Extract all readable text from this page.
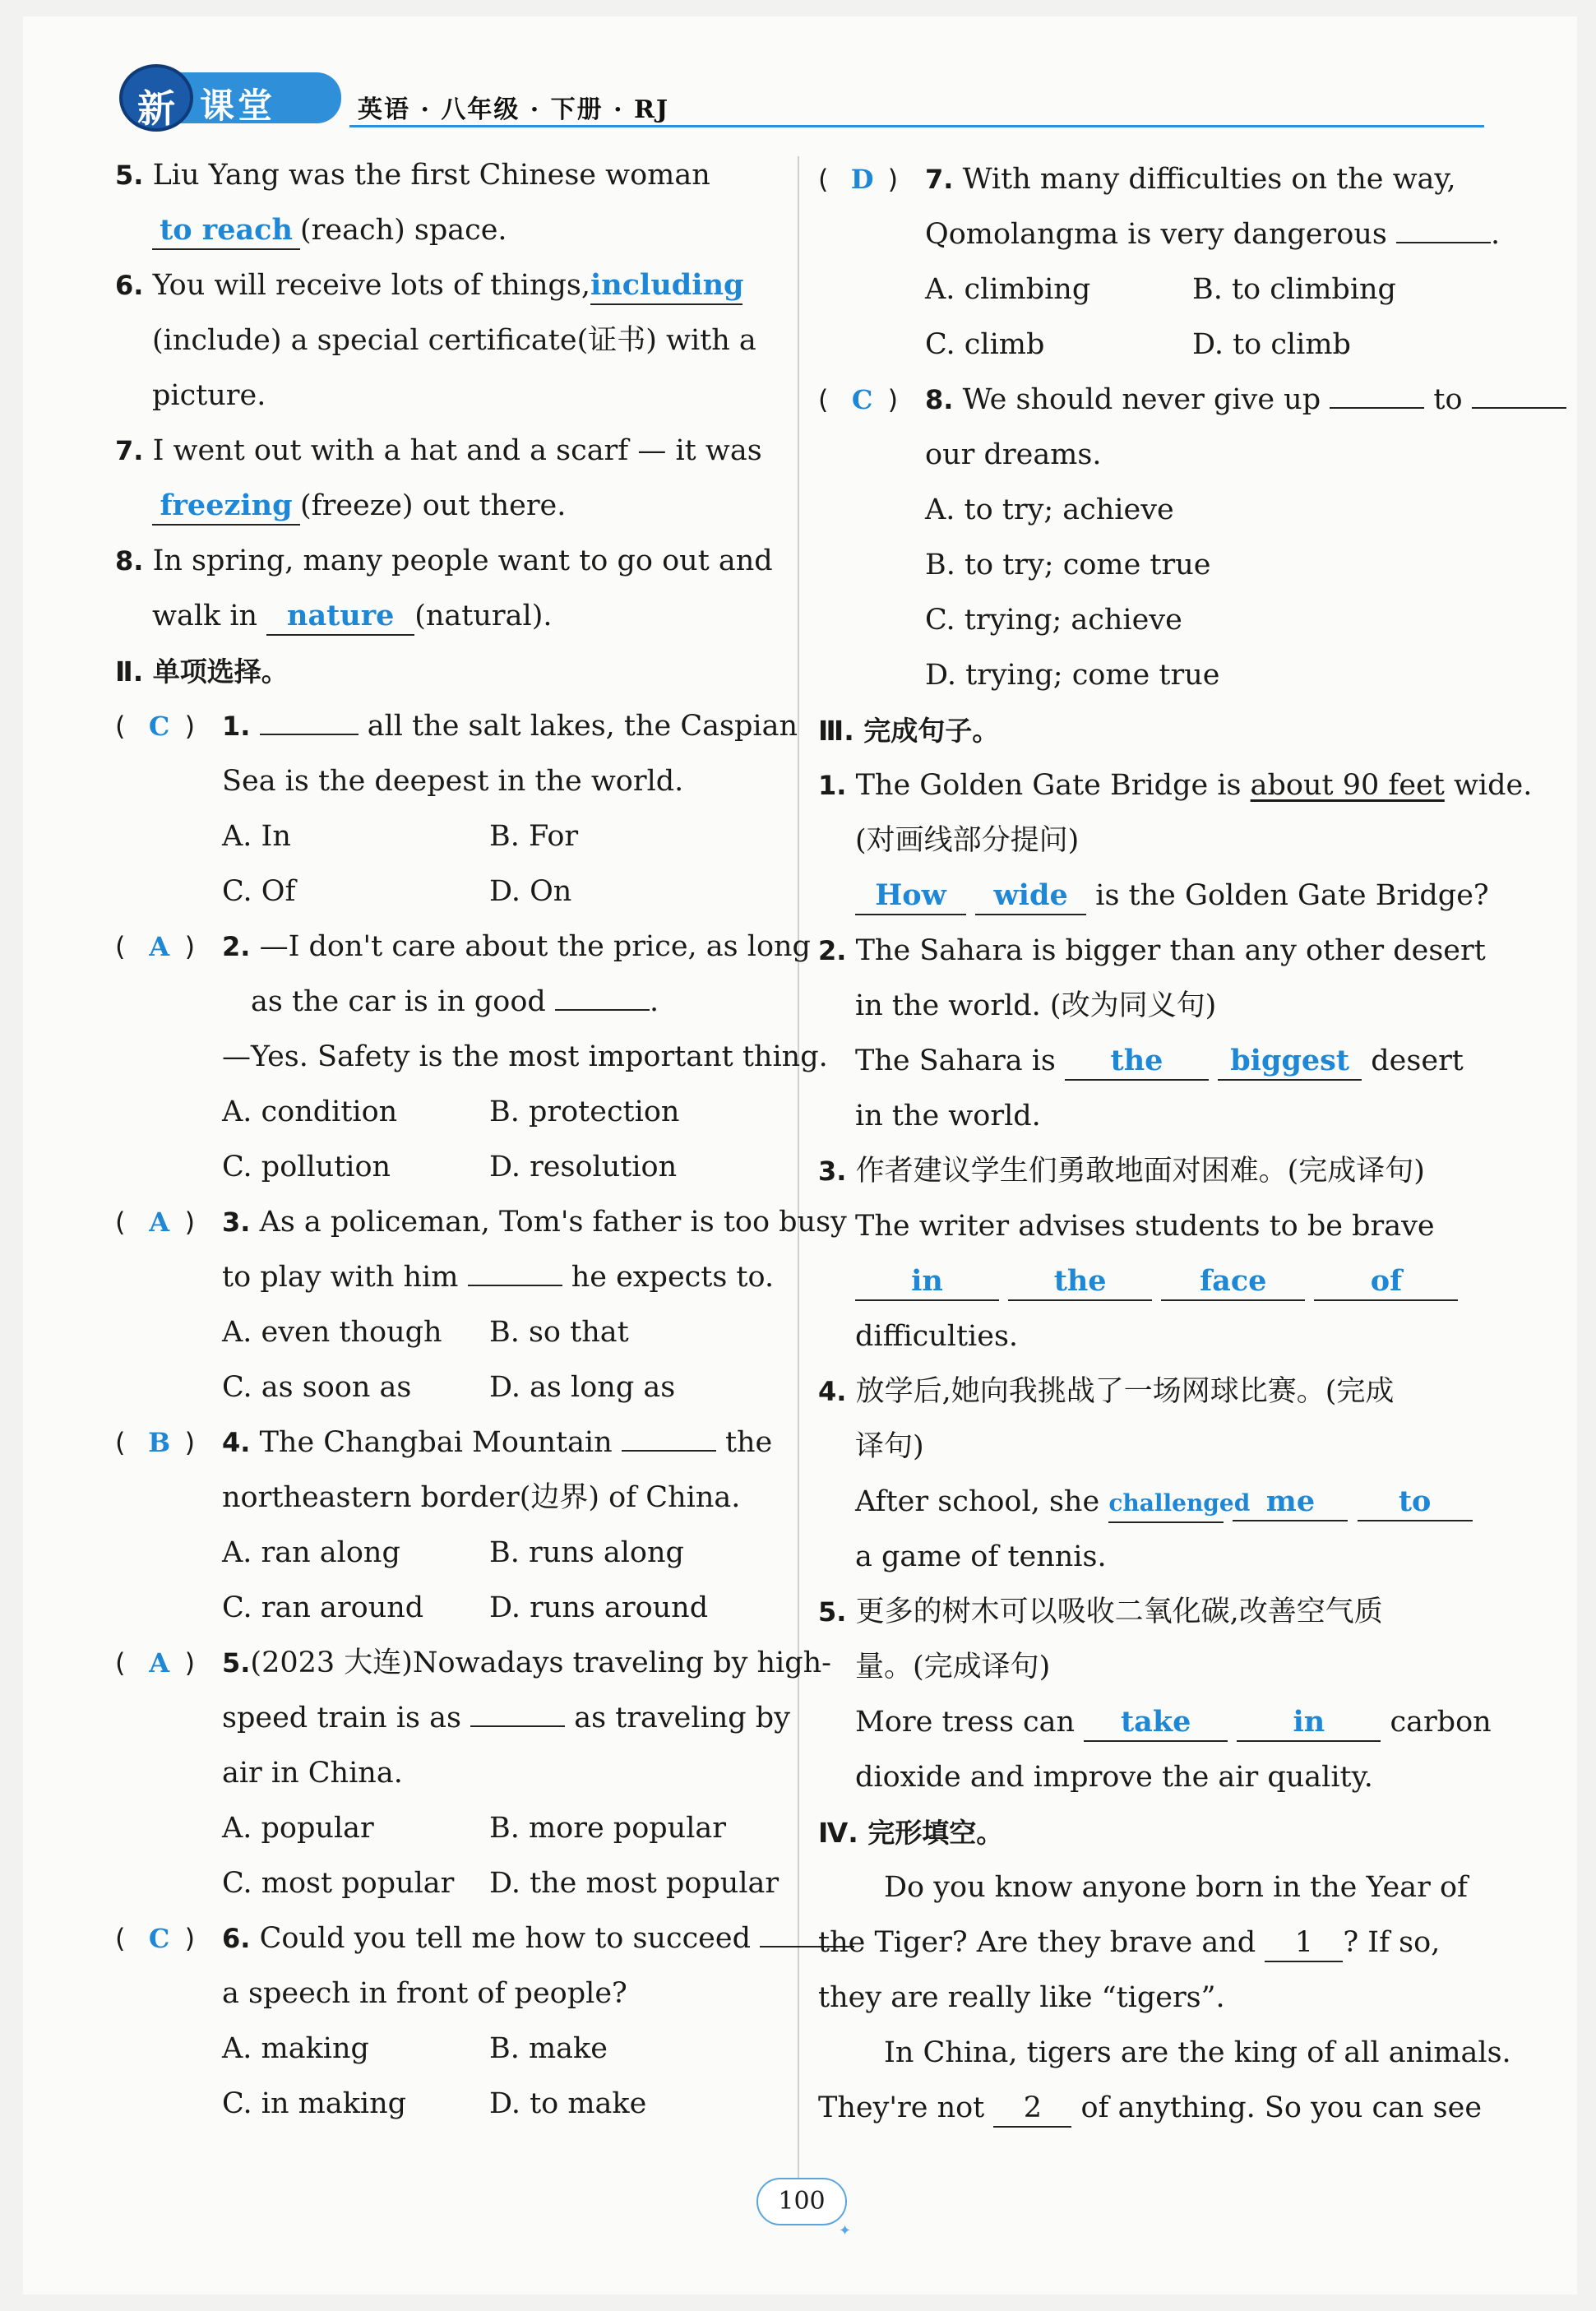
课堂
新	英语 · 八年级 · 下册 · RJ
5. Liu Yang was the first Chinese woman
to reach (reach) space.
6. You will receive lots of things,including
(include) a special certificate(证书) with a
picture.
7. I went out with a hat and a scarf — it was
freezing (freeze) out there.
8. In spring, many people want to go out and
walk in nature (natural).
Ⅱ. 单项选择。
( C ) 1.	all the salt lakes, the Caspian
Sea is the deepest in the world.
A. In	B. For
C. Of	D. On
( A ) 2. —I don't care about the price, as long
as the car is in good	.
—Yes. Safety is the most important thing.
A. condition	B. protection
C. pollution	D. resolution
( A ) 3. As a policeman, Tom's father is too busy
to play with him	he expects to.
A. even though B. so that
C. as soon as	D. as long as
( B ) 4. The Changbai Mountain	the
northeastern border(边界) of China.
A. ran along	B. runs along
C. ran around D. runs around
( A ) 5.(2023 大连)Nowadays traveling by high-
speed train is as	as traveling by
air in China.
A. popular	B. more popular
C. most popular D. the most popular
( C ) 6. Could you tell me how to succeed
a speech in front of people?
A. making	B. make
C. in making	D. to make
( D ) 7. With many difficulties on the way,
Qomolangma is very dangerous	.
A. climbing	B. to climbing
C. climb	D. to climb
( C ) 8. We should never give up	to
our dreams.
A. to try; achieve
B. to try; come true
C. trying; achieve
D. trying; come true
Ⅲ. 完成句子。
1. The Golden Gate Bridge is about 90 feet wide.
(对画线部分提问)
How wide is the Golden Gate Bridge?
2. The Sahara is bigger than any other desert
in the world. (改为同义句)
The Sahara is the biggest desert
in the world.
3. 作者建议学生们勇敢地面对困难。(完成译句)
The writer advises students to be brave
in	the	face	of
difficulties.
4. 放学后,她向我挑战了一场网球比赛。(完成
译句)
After school, she challenged me	to
a game of tennis.
5. 更多的树木可以吸收二氧化碳,改善空气质
量。(完成译句)
More tress can take	in carbon
dioxide and improve the air quality.
Ⅳ. 完形填空。
Do you know anyone born in the Year of
the Tiger? Are they brave and 1 ? If so,
they are really like “tigers”.
In China, tigers are the king of all animals.
They're not 2 of anything. So you can see
100
✦
